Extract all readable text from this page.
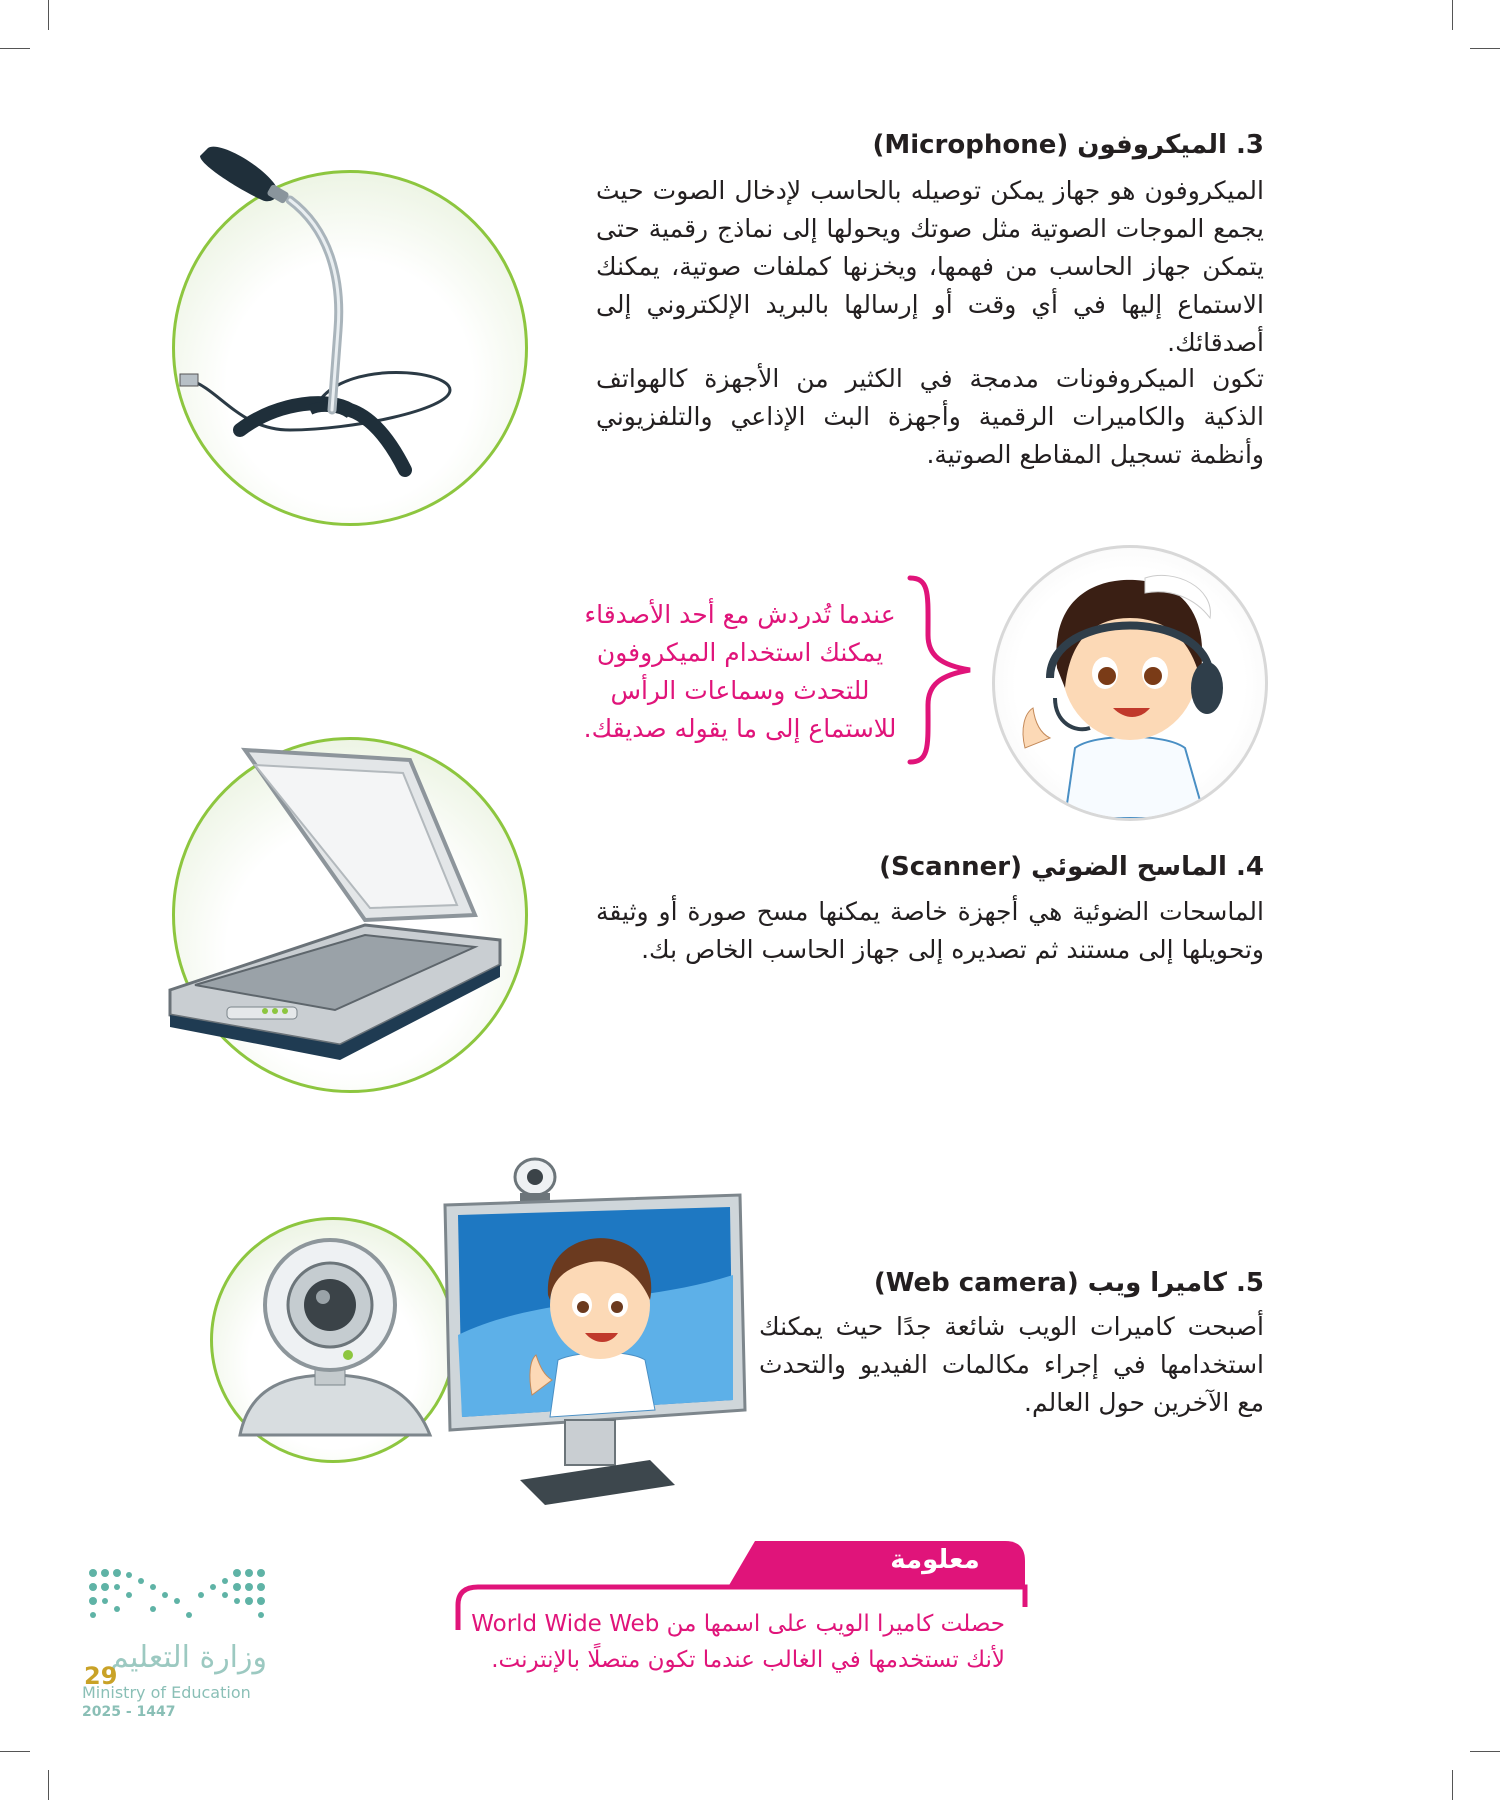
3. الميكروفون (Microphone)
الميكروفون هو جهاز يمكن توصيله بالحاسب لإدخال الصوت حيث يجمع الموجات الصوتية مثل صوتك ويحولها إلى نماذج رقمية حتى يتمكن جهاز الحاسب من فهمها، ويخزنها كملفات صوتية، يمكنك الاستماع إليها في أي وقت أو إرسالها بالبريد الإلكتروني إلى أصدقائك.
تكون الميكروفونات مدمجة في الكثير من الأجهزة كالهواتف الذكية والكاميرات الرقمية وأجهزة البث الإذاعي والتلفزيوني وأنظمة تسجيل المقاطع الصوتية.
عندما تُدردش مع أحد الأصدقاء
يمكنك استخدام الميكروفون
للتحدث وسماعات الرأس
للاستماع إلى ما يقوله صديقك.
4. الماسح الضوئي (Scanner)
الماسحات الضوئية هي أجهزة خاصة يمكنها مسح صورة أو وثيقة وتحويلها إلى مستند ثم تصديره إلى جهاز الحاسب الخاص بك.
5. كاميرا ويب (Web camera)
أصبحت كاميرات الويب شائعة جدًا حيث يمكنك استخدامها في إجراء مكالمات الفيديو والتحدث مع الآخرين حول العالم.
معلومة
حصلت كاميرا الويب على اسمها من World Wide Web
لأنك تستخدمها في الغالب عندما تكون متصلًا بالإنترنت.
وزارة التعليم
29
Ministry of Education
2025 - 1447
